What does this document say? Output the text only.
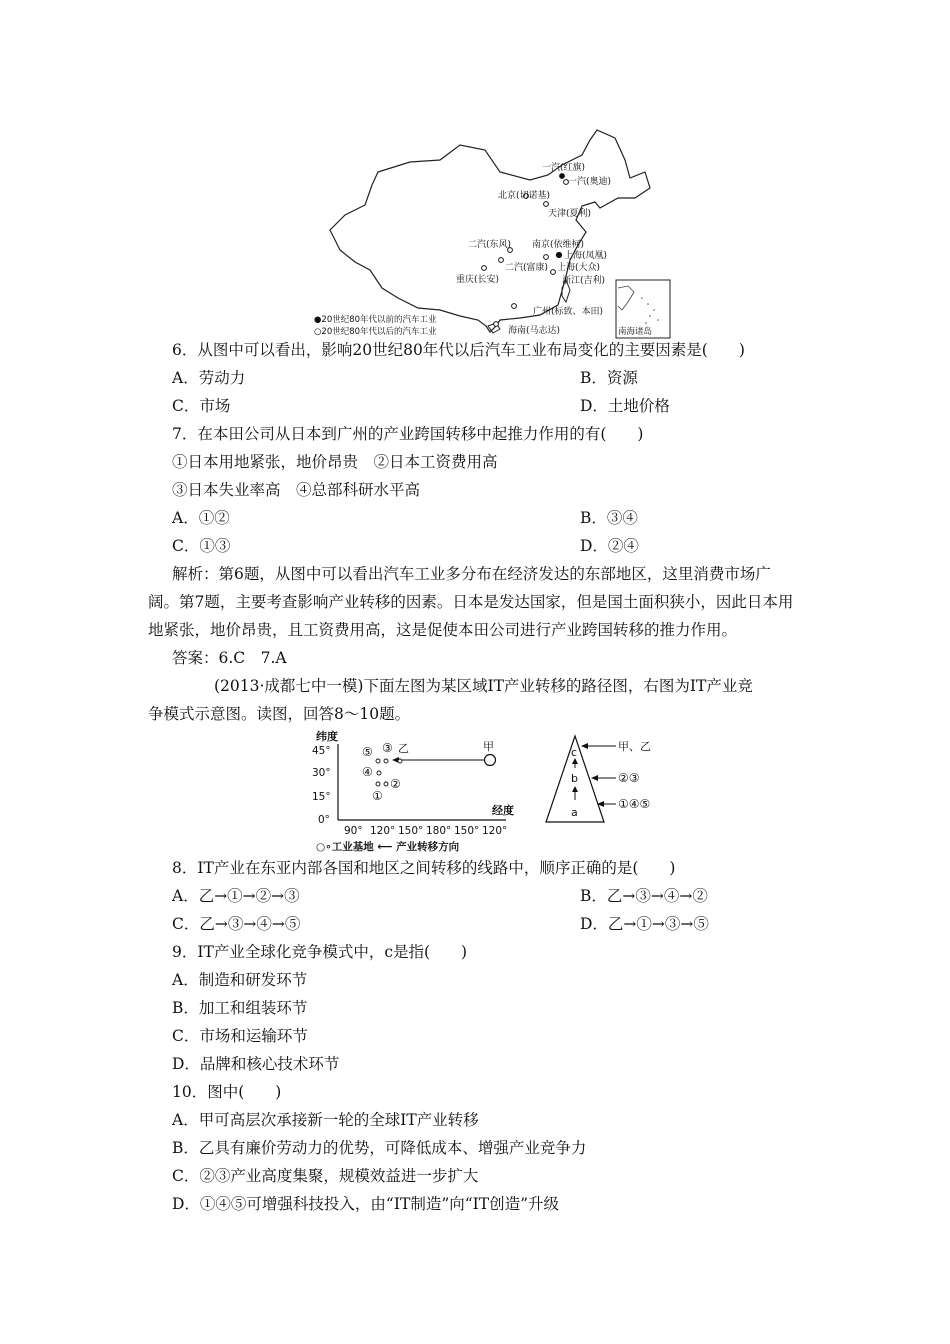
南海诸岛
一汽(红旗)
一汽(奥迪)
北京(切诺基)
天津(夏利)
二汽(东风) 南京(依维柯)
上海(凤凰)
上海(大众)
二汽(富康)
重庆(长安)	浙江(吉利)
广州(标致、本田)
海南(马志达)
●20世纪80年代以前的汽车工业
○20世纪80年代以后的汽车工业
6．从图中可以看出，影响20世纪80年代以后汽车工业布局变化的主要因素是(　　)
A．劳动力	B．资源
C．市场	D．土地价格
7．在本田公司从日本到广州的产业跨国转移中起推力作用的有(　　)
①日本用地紧张，地价昂贵　②日本工资费用高
③日本失业率高　④总部科研水平高
A．①②	B．③④
C．①③	D．②④
解析：第6题，从图中可以看出汽车工业多分布在经济发达的东部地区，这里消费市场广
阔。第7题，主要考查影响产业转移的因素。日本是发达国家，但是国土面积狭小，因此日本用
地紧张，地价昂贵，且工资费用高，这是促使本田公司进行产业跨国转移的推力作用。
答案：6.C　7.A
(2013·成都七中一模)下面左图为某区域IT产业转移的路径图，右图为IT产业竞
争模式示意图。读图，回答8～10题。
纬度
45°
30°
15°
0°
经度
90° 120° 150° 180° 150° 120°
甲
⑤ ③ 乙
④
②
①
○∘工业基地 ⟵ 产业转移方向
c
b
a
甲、乙
②③
①④⑤
8．IT产业在东亚内部各国和地区之间转移的线路中，顺序正确的是(　　)
A．乙→①→②→③	B．乙→③→④→②
C．乙→③→④→⑤	D．乙→①→③→⑤
9．IT产业全球化竞争模式中，c是指(　　)
A．制造和研发环节
B．加工和组装环节
C．市场和运输环节
D．品牌和核心技术环节
10．图中(　　)
A．甲可高层次承接新一轮的全球IT产业转移
B．乙具有廉价劳动力的优势，可降低成本、增强产业竞争力
C．②③产业高度集聚，规模效益进一步扩大
D．①④⑤可增强科技投入，由“IT制造”向“IT创造”升级
